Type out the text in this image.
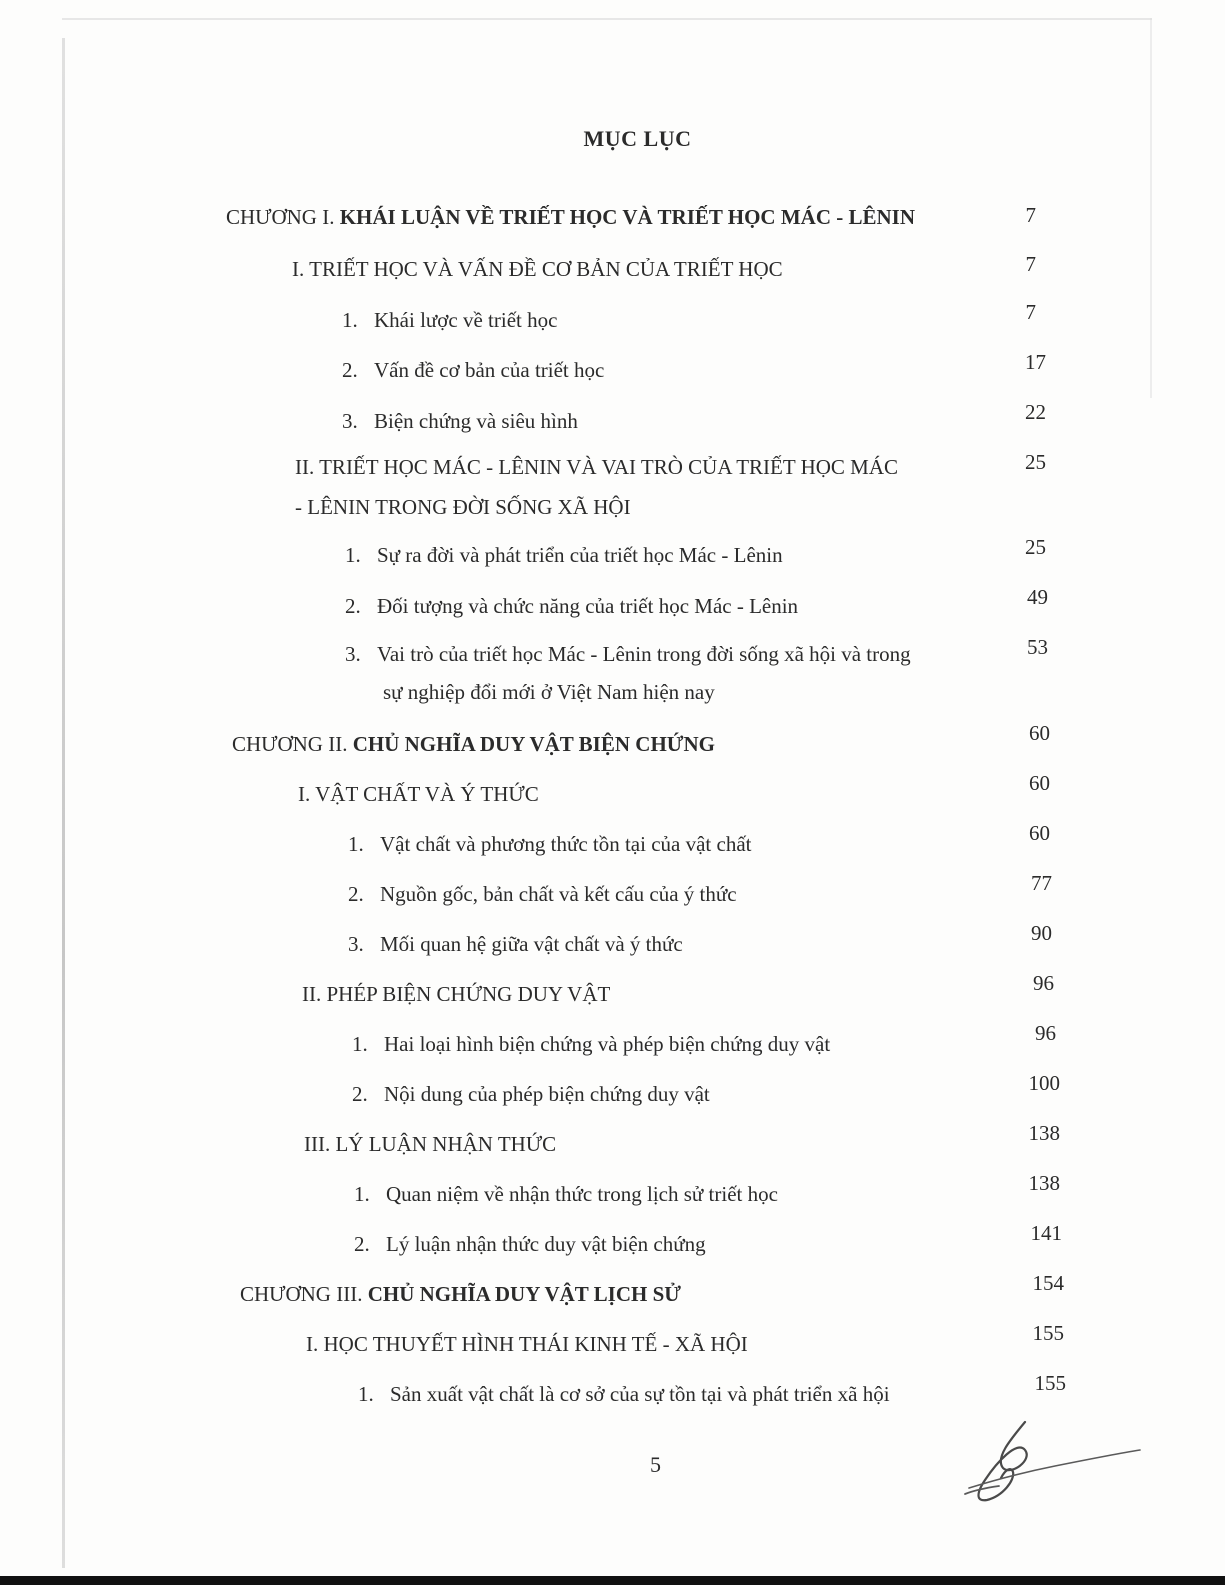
MỤC LỤC
CHƯƠNG I. KHÁI LUẬN VỀ TRIẾT HỌC VÀ TRIẾT HỌC MÁC - LÊNIN	7
I. TRIẾT HỌC VÀ VẤN ĐỀ CƠ BẢN CỦA TRIẾT HỌC	7
1. Khái lược về triết học	7
2. Vấn đề cơ bản của triết học	17
3. Biện chứng và siêu hình	22
II. TRIẾT HỌC MÁC - LÊNIN VÀ VAI TRÒ CỦA TRIẾT HỌC MÁC	25
- LÊNIN TRONG ĐỜI SỐNG XÃ HỘI
1. Sự ra đời và phát triển của triết học Mác - Lênin	25
2. Đối tượng và chức năng của triết học Mác - Lênin	49
3. Vai trò của triết học Mác - Lênin trong đời sống xã hội và trong	53
sự nghiệp đổi mới ở Việt Nam hiện nay
CHƯƠNG II. CHỦ NGHĨA DUY VẬT BIỆN CHỨNG	60
I. VẬT CHẤT VÀ Ý THỨC	60
1. Vật chất và phương thức tồn tại của vật chất	60
2. Nguồn gốc, bản chất và kết cấu của ý thức	77
3. Mối quan hệ giữa vật chất và ý thức	90
II. PHÉP BIỆN CHỨNG DUY VẬT	96
1. Hai loại hình biện chứng và phép biện chứng duy vật	96
2. Nội dung của phép biện chứng duy vật	100
III. LÝ LUẬN NHẬN THỨC	138
1. Quan niệm về nhận thức trong lịch sử triết học	138
2. Lý luận nhận thức duy vật biện chứng	141
CHƯƠNG III. CHỦ NGHĨA DUY VẬT LỊCH SỬ	154
I. HỌC THUYẾT HÌNH THÁI KINH TẾ - XÃ HỘI	155
1. Sản xuất vật chất là cơ sở của sự tồn tại và phát triển xã hội	155
5
